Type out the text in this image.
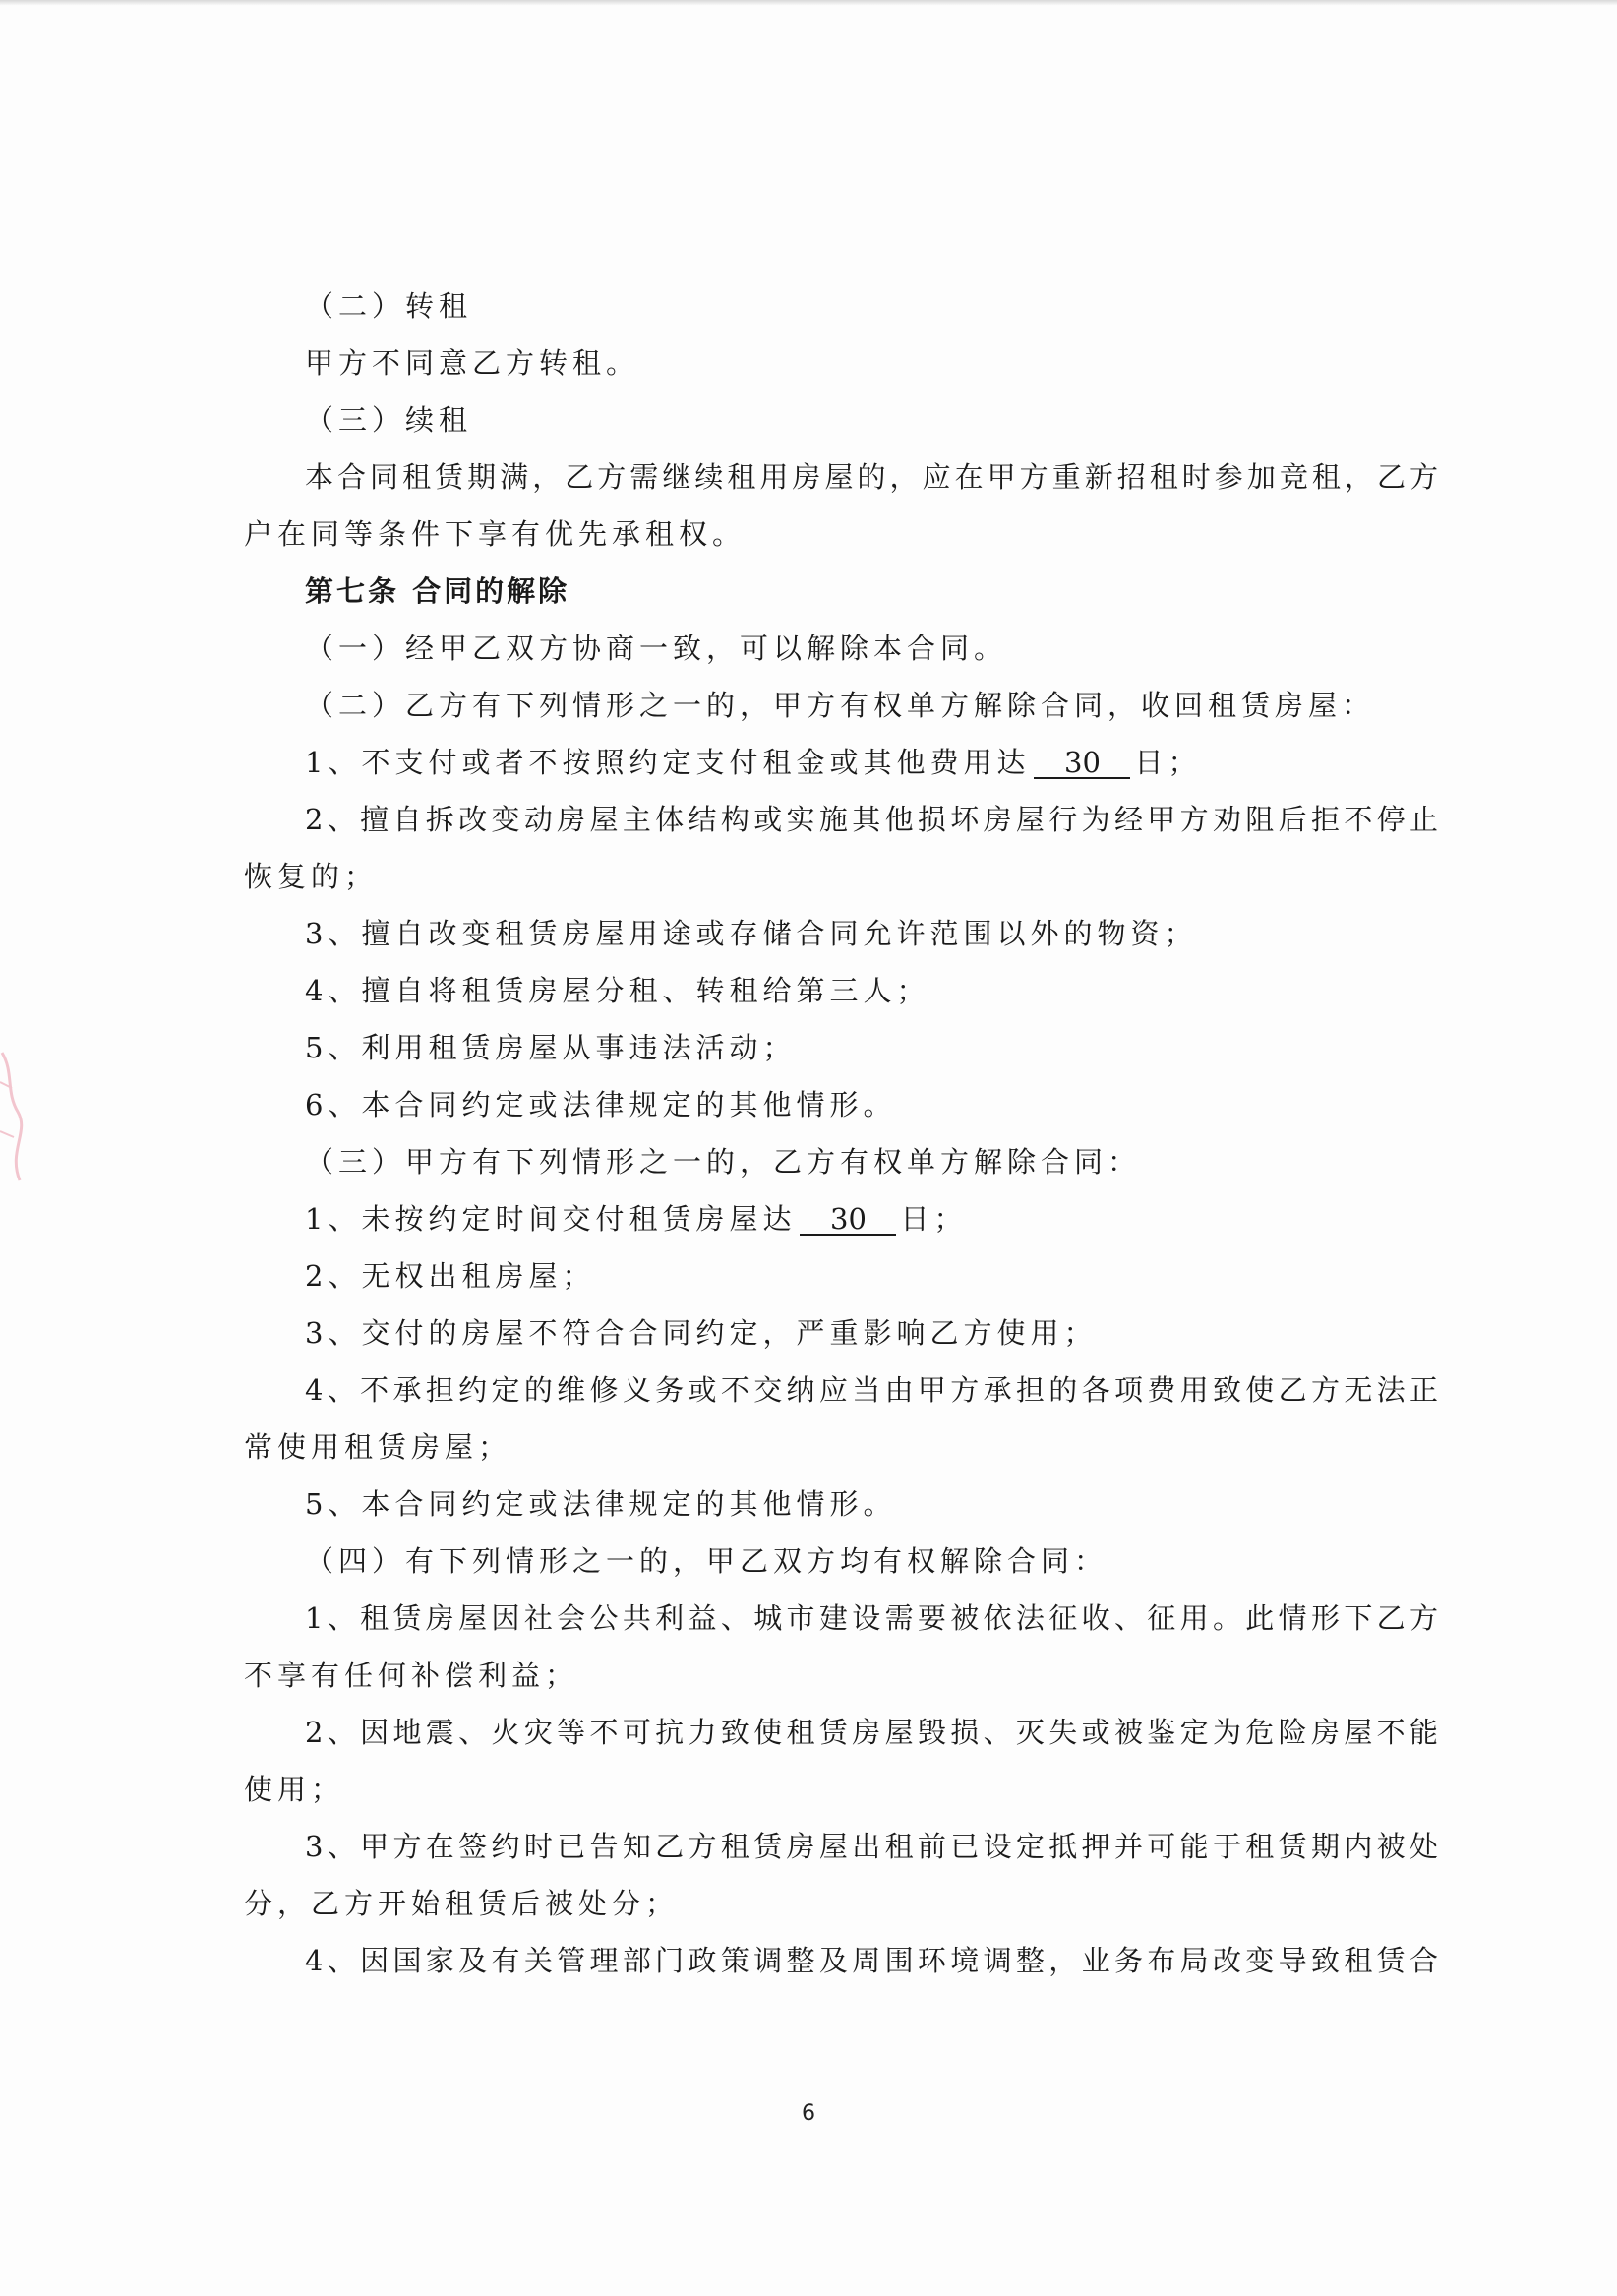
（二）转租
甲方不同意乙方转租。
（三）续租
本合同租赁期满，乙方需继续租用房屋的，应在甲方重新招租时参加竞租，乙方
户在同等条件下享有优先承租权。
第七条 合同的解除
（一）经甲乙双方协商一致，可以解除本合同。
（二）乙方有下列情形之一的，甲方有权单方解除合同，收回租赁房屋：
1、不支付或者不按照约定支付租金或其他费用达 30 日；
2、擅自拆改变动房屋主体结构或实施其他损坏房屋行为经甲方劝阻后拒不停止
恢复的；
3、擅自改变租赁房屋用途或存储合同允许范围以外的物资；
4、擅自将租赁房屋分租、转租给第三人；
5、利用租赁房屋从事违法活动；
6、本合同约定或法律规定的其他情形。
（三）甲方有下列情形之一的，乙方有权单方解除合同：
1、未按约定时间交付租赁房屋达 30 日；
2、无权出租房屋；
3、交付的房屋不符合合同约定，严重影响乙方使用；
4、不承担约定的维修义务或不交纳应当由甲方承担的各项费用致使乙方无法正
常使用租赁房屋；
5、本合同约定或法律规定的其他情形。
（四）有下列情形之一的，甲乙双方均有权解除合同：
1、租赁房屋因社会公共利益、城市建设需要被依法征收、征用。此情形下乙方
不享有任何补偿利益；
2、因地震、火灾等不可抗力致使租赁房屋毁损、灭失或被鉴定为危险房屋不能
使用；
3、甲方在签约时已告知乙方租赁房屋出租前已设定抵押并可能于租赁期内被处
分，乙方开始租赁后被处分；
4、因国家及有关管理部门政策调整及周围环境调整，业务布局改变导致租赁合
6
